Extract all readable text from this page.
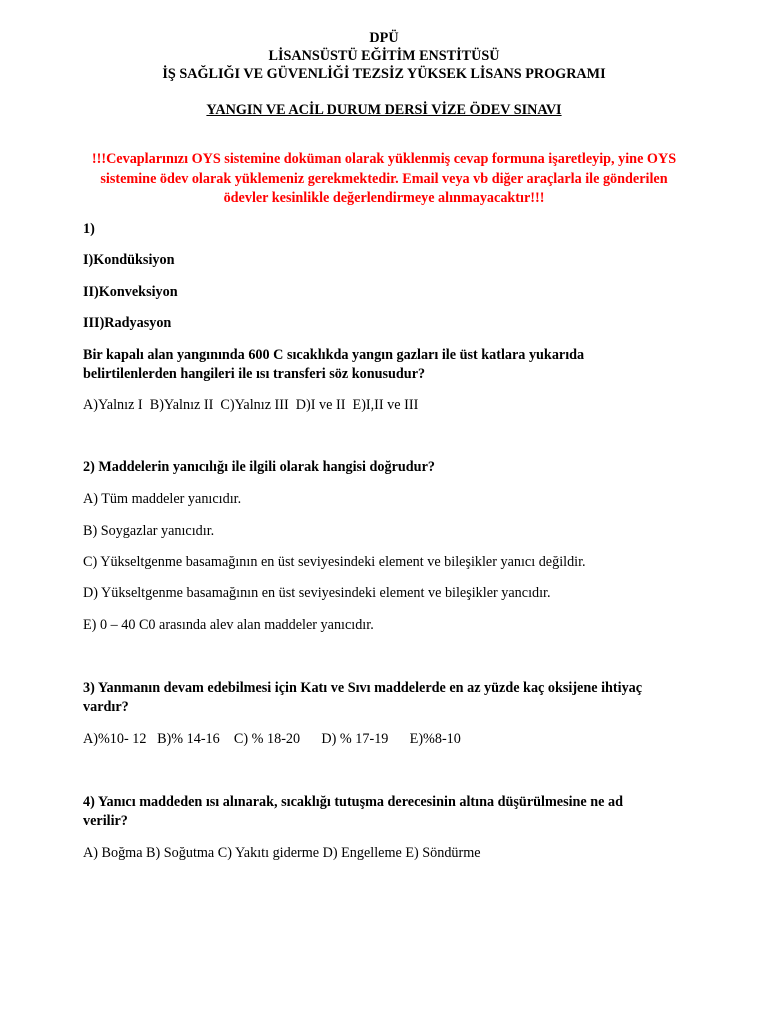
DPÜ

LİSANSÜSTÜ EĞİTİM ENSTİTÜSÜ

İŞ SAĞLIĞI VE GÜVENLİĞİ TEZSİZ YÜKSEK LİSANS PROGRAMI

YANGIN VE ACİL DURUM DERSİ VİZE ÖDEV SINAVI

!!!Cevaplarınızı OYS sistemine doküman olarak yüklenmiş cevap formuna işaretleyip, yine OYS
sistemine ödev olarak yüklemeniz gerekmektedir. Email veya vb diğer araçlarla ile gönderilen
ödevler kesinlikle değerlendirmeye alınmayacaktır!!!

1)

I)Kondüksiyon

II)Konveksiyon

III)Radyasyon

Bir kapalı alan yangınında 600 C sıcaklıkda yangın gazları ile üst katlara yukarıda

belirtilenlerden hangileri ile ısı transferi söz konusudur?

A)Yalnız I  B)Yalnız II  C)Yalnız III  D)I ve II  E)I,II ve III

2) Maddelerin yanıcılığı ile ilgili olarak hangisi doğrudur?

A) Tüm maddeler yanıcıdır.

B) Soygazlar yanıcıdır.

C) Yükseltgenme basamağının en üst seviyesindeki element ve bileşikler yanıcı değildir.

D) Yükseltgenme basamağının en üst seviyesindeki element ve bileşikler yancıdır.

E) 0 – 40 C0 arasında alev alan maddeler yanıcıdır.

3) Yanmanın devam edebilmesi için Katı ve Sıvı maddelerde en az yüzde kaç oksijene ihtiyaç

vardır?

A)%10- 12   B)% 14-16    C) % 18-20      D) % 17-19      E)%8-10

4) Yanıcı maddeden ısı alınarak, sıcaklığı tutuşma derecesinin altına düşürülmesine ne ad

verilir?

A) Boğma B) Soğutma C) Yakıtı giderme D) Engelleme E) Söndürme
